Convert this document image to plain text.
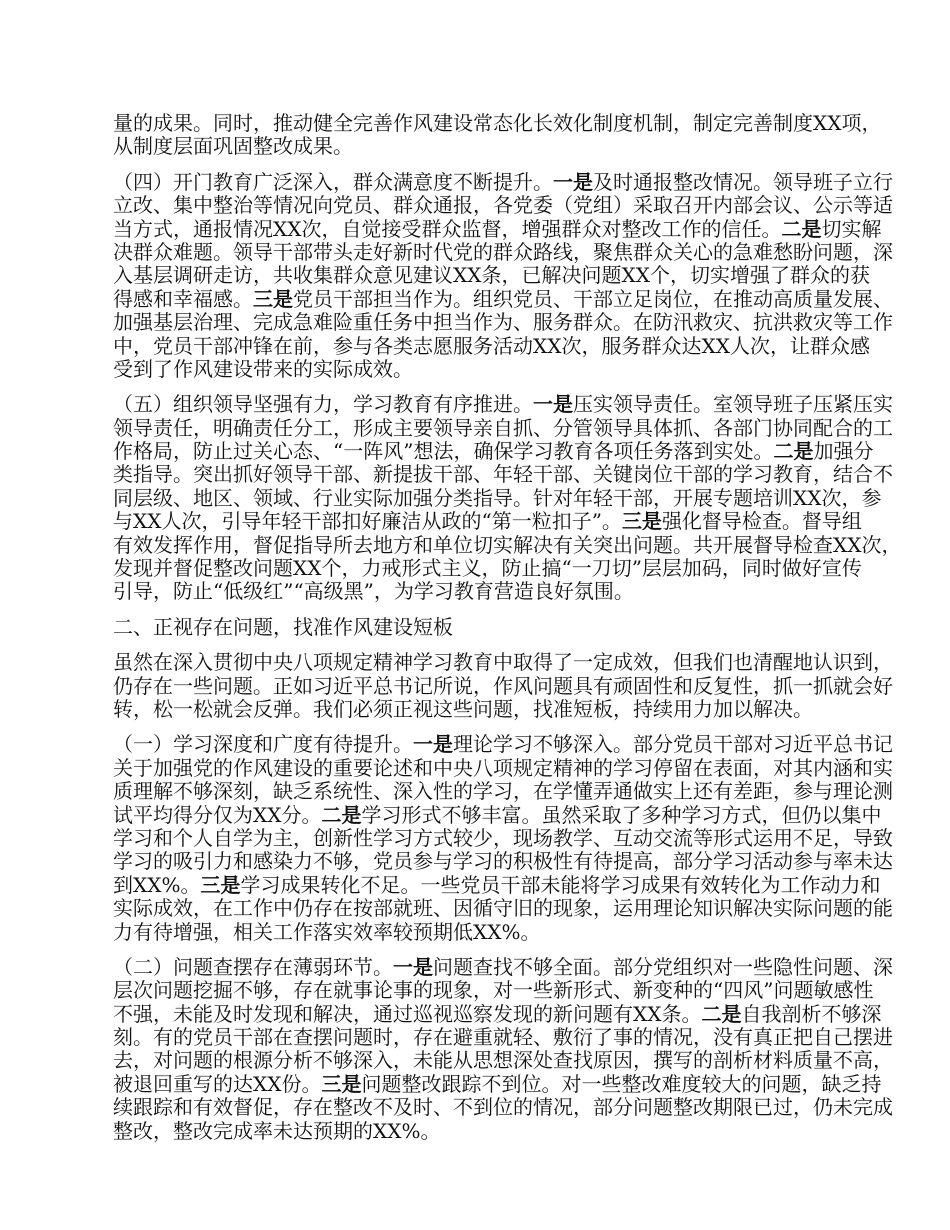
量的成果。同时，推动健全完善作风建设常态化长效化制度机制，制定完善制度XX项，
从制度层面巩固整改成果。
（四）开门教育广泛深入，群众满意度不断提升。一是及时通报整改情况。领导班子立行
立改、集中整治等情况向党员、群众通报，各党委（党组）采取召开内部会议、公示等适
当方式，通报情况XX次，自觉接受群众监督，增强群众对整改工作的信任。二是切实解
决群众难题。领导干部带头走好新时代党的群众路线，聚焦群众关心的急难愁盼问题，深
入基层调研走访，共收集群众意见建议XX条，已解决问题XX个，切实增强了群众的获
得感和幸福感。三是党员干部担当作为。组织党员、干部立足岗位，在推动高质量发展、
加强基层治理、完成急难险重任务中担当作为、服务群众。在防汛救灾、抗洪救灾等工作
中，党员干部冲锋在前，参与各类志愿服务活动XX次，服务群众达XX人次，让群众感
受到了作风建设带来的实际成效。
（五）组织领导坚强有力，学习教育有序推进。一是压实领导责任。室领导班子压紧压实
领导责任，明确责任分工，形成主要领导亲自抓、分管领导具体抓、各部门协同配合的工
作格局，防止过关心态、“一阵风”想法，确保学习教育各项任务落到实处。二是加强分
类指导。突出抓好领导干部、新提拔干部、年轻干部、关键岗位干部的学习教育，结合不
同层级、地区、领域、行业实际加强分类指导。针对年轻干部，开展专题培训XX次，参
与XX人次，引导年轻干部扣好廉洁从政的“第一粒扣子”。三是强化督导检查。督导组
有效发挥作用，督促指导所去地方和单位切实解决有关突出问题。共开展督导检查XX次，
发现并督促整改问题XX个，力戒形式主义，防止搞“一刀切”层层加码，同时做好宣传
引导，防止“低级红”“高级黑”，为学习教育营造良好氛围。
二、正视存在问题，找准作风建设短板
虽然在深入贯彻中央八项规定精神学习教育中取得了一定成效，但我们也清醒地认识到，
仍存在一些问题。正如习近平总书记所说，作风问题具有顽固性和反复性，抓一抓就会好
转，松一松就会反弹。我们必须正视这些问题，找准短板，持续用力加以解决。
（一）学习深度和广度有待提升。一是理论学习不够深入。部分党员干部对习近平总书记
关于加强党的作风建设的重要论述和中央八项规定精神的学习停留在表面，对其内涵和实
质理解不够深刻，缺乏系统性、深入性的学习，在学懂弄通做实上还有差距，参与理论测
试平均得分仅为XX分。二是学习形式不够丰富。虽然采取了多种学习方式，但仍以集中
学习和个人自学为主，创新性学习方式较少，现场教学、互动交流等形式运用不足，导致
学习的吸引力和感染力不够，党员参与学习的积极性有待提高，部分学习活动参与率未达
到XX%。三是学习成果转化不足。一些党员干部未能将学习成果有效转化为工作动力和
实际成效，在工作中仍存在按部就班、因循守旧的现象，运用理论知识解决实际问题的能
力有待增强，相关工作落实效率较预期低XX%。
（二）问题查摆存在薄弱环节。一是问题查找不够全面。部分党组织对一些隐性问题、深
层次问题挖掘不够，存在就事论事的现象，对一些新形式、新变种的“四风”问题敏感性
不强，未能及时发现和解决，通过巡视巡察发现的新问题有XX条。二是自我剖析不够深
刻。有的党员干部在查摆问题时，存在避重就轻、敷衍了事的情况，没有真正把自己摆进
去，对问题的根源分析不够深入，未能从思想深处查找原因，撰写的剖析材料质量不高，
被退回重写的达XX份。三是问题整改跟踪不到位。对一些整改难度较大的问题，缺乏持
续跟踪和有效督促，存在整改不及时、不到位的情况，部分问题整改期限已过，仍未完成
整改，整改完成率未达预期的XX%。
